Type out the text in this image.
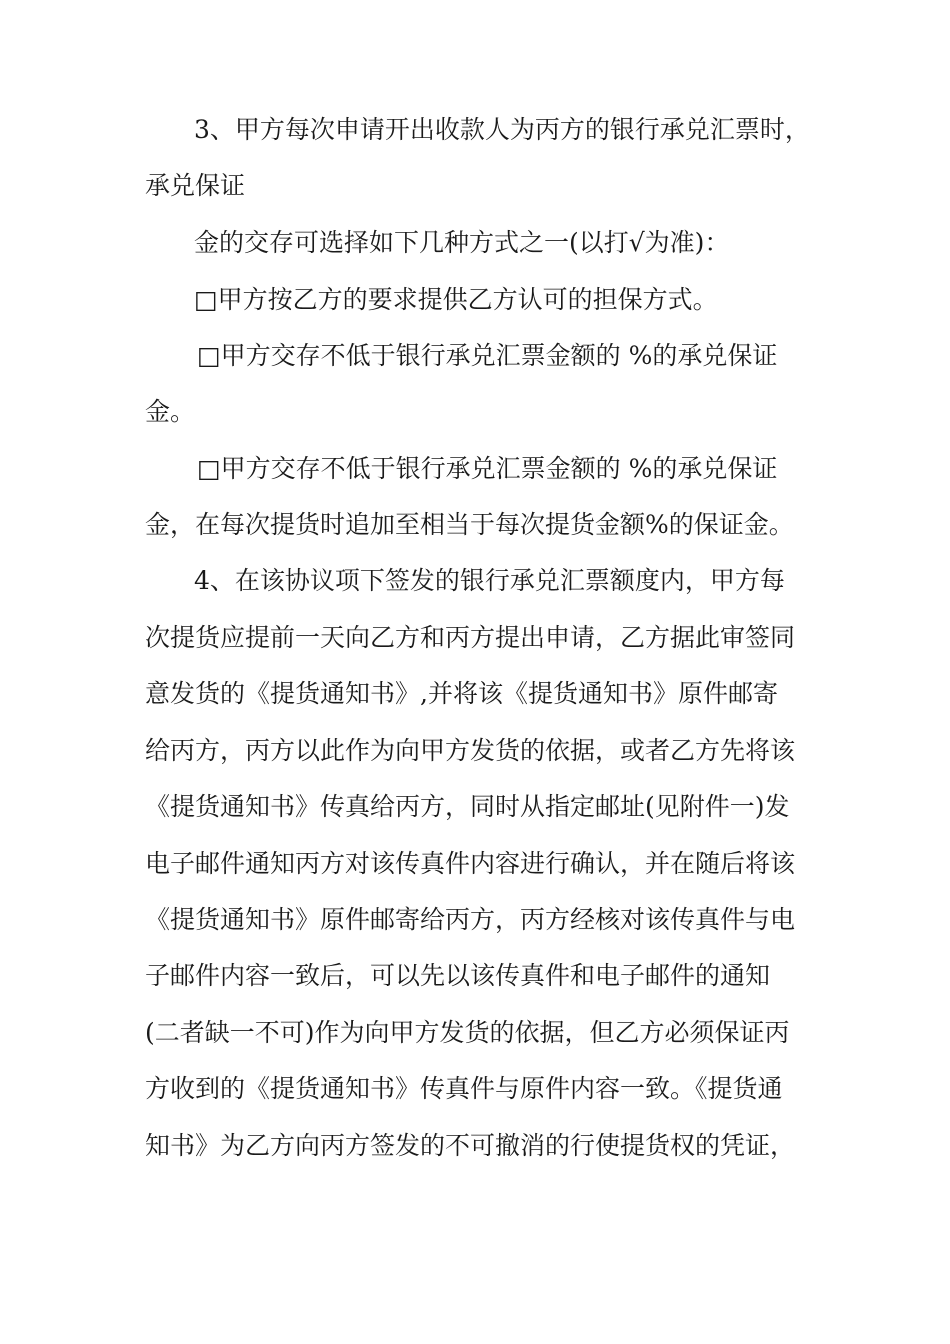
3、甲方每次申请开出收款人为丙方的银行承兑汇票时，
承兑保证
金的交存可选择如下几种方式之一(以打√为准)：
□甲方按乙方的要求提供乙方认可的担保方式。
□甲方交存不低于银行承兑汇票金额的 %的承兑保证
金。
□甲方交存不低于银行承兑汇票金额的 %的承兑保证
金，在每次提货时追加至相当于每次提货金额%的保证金。
4、在该协议项下签发的银行承兑汇票额度内，甲方每
次提货应提前一天向乙方和丙方提出申请，乙方据此审签同
意发货的《提货通知书》,并将该《提货通知书》原件邮寄
给丙方，丙方以此作为向甲方发货的依据，或者乙方先将该
《提货通知书》传真给丙方，同时从指定邮址(见附件一)发
电子邮件通知丙方对该传真件内容进行确认，并在随后将该
《提货通知书》原件邮寄给丙方，丙方经核对该传真件与电
子邮件内容一致后，可以先以该传真件和电子邮件的通知
(二者缺一不可)作为向甲方发货的依据，但乙方必须保证丙
方收到的《提货通知书》传真件与原件内容一致。《提货通
知书》为乙方向丙方签发的不可撤消的行使提货权的凭证，
